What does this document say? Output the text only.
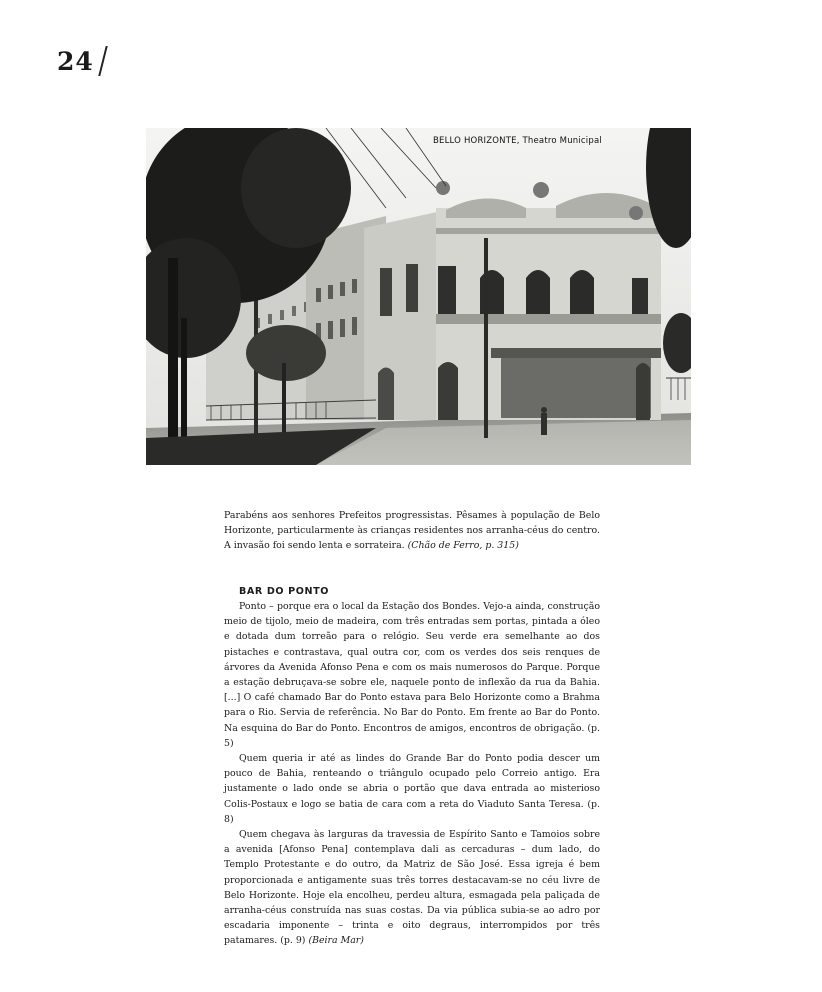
24
BELLO HORIZONTE, Theatro Municipal
Parabéns aos senhores Prefeitos progressistas. Pêsames à população de Belo Horizonte, particularmente às crianças residentes nos arranha-céus do centro. A invasão foi sendo lenta e sorrateira. (Chão de Ferro, p. 315)
BAR DO PONTO

Ponto – porque era o local da Estação dos Bondes. Vejo-a ainda, construção meio de tijolo, meio de madeira, com três entradas sem portas, pintada a óleo e dotada dum torreão para o relógio. Seu verde era semelhante ao dos pistaches e contrastava, qual outra cor, com os verdes dos seis renques de árvores da Avenida Afonso Pena e com os mais numerosos do Parque. Porque a estação debruçava-se sobre ele, naquele ponto de inflexão da rua da Bahia. [...] O café chamado Bar do Ponto estava para Belo Horizonte como a Brahma para o Rio. Servia de referência. No Bar do Ponto. Em frente ao Bar do Ponto. Na esquina do Bar do Ponto. Encontros de amigos, encontros de obrigação. (p. 5)

Quem queria ir até as lindes do Grande Bar do Ponto podia descer um pouco de Bahia, renteando o triângulo ocupado pelo Correio antigo. Era justamente o lado onde se abria o portão que dava entrada ao misterioso Colis-Postaux e logo se batia de cara com a reta do Viaduto Santa Teresa. (p. 8)

Quem chegava às larguras da travessia de Espírito Santo e Tamoios sobre a avenida [Afonso Pena] contemplava dali as cercaduras – dum lado, do Templo Protestante e do outro, da Matriz de São José. Essa igreja é bem proporcionada e antigamente suas três torres destacavam-se no céu livre de Belo Horizonte. Hoje ela encolheu, perdeu altura, esmagada pela paliçada de arranha-céus construída nas suas costas. Da via pública subia-se ao adro por escadaria imponente – trinta e oito degraus, interrompidos por três patamares. (p. 9) (Beira Mar)
